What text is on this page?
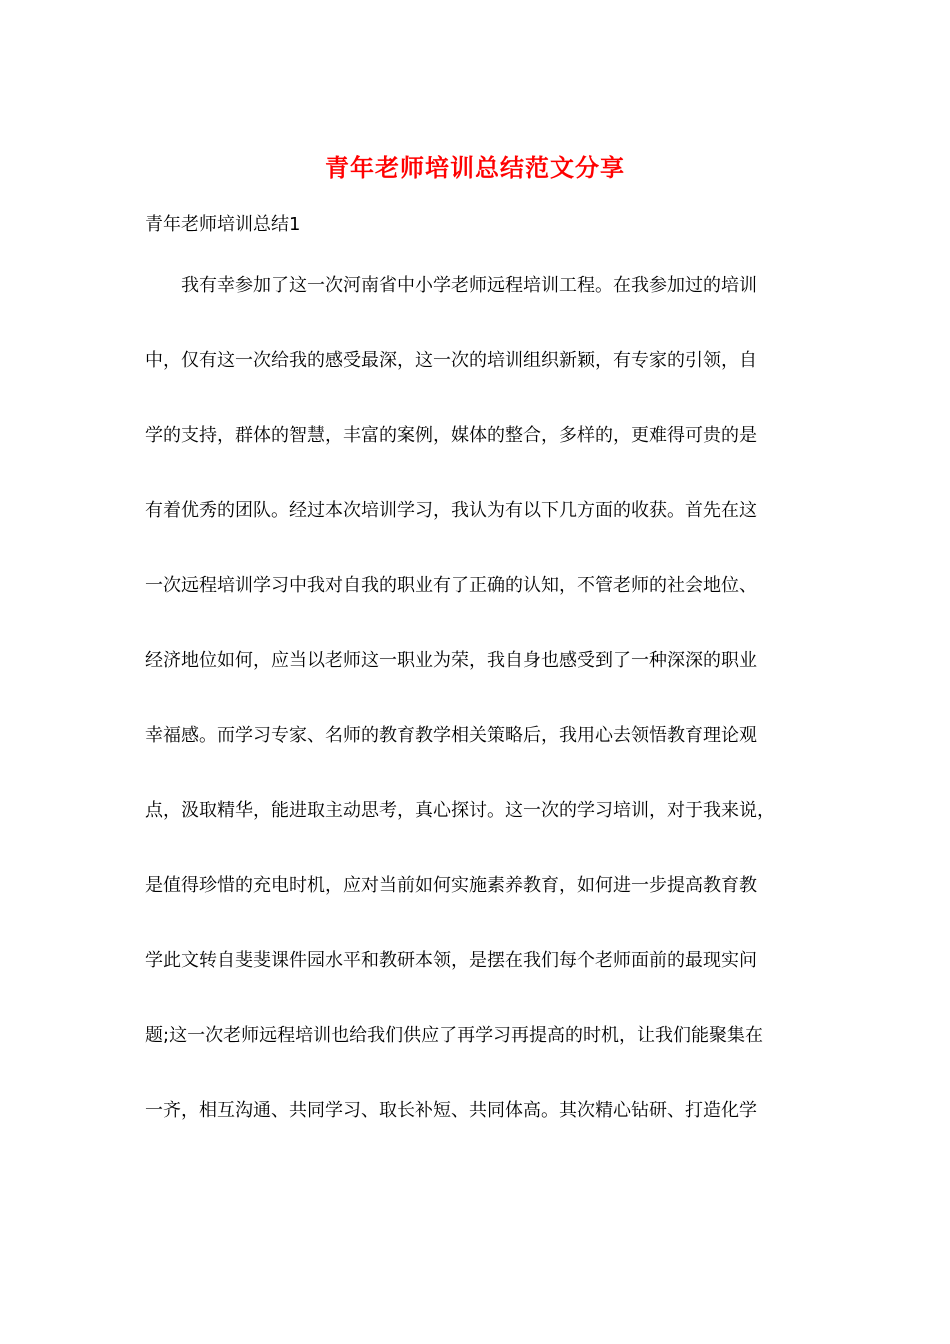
青年老师培训总结范文分享
青年老师培训总结1
我有幸参加了这一次河南省中小学老师远程培训工程。在我参加过的培训
中，仅有这一次给我的感受最深，这一次的培训组织新颖，有专家的引领，自
学的支持，群体的智慧，丰富的案例，媒体的整合，多样的，更难得可贵的是
有着优秀的团队。经过本次培训学习，我认为有以下几方面的收获。首先在这
一次远程培训学习中我对自我的职业有了正确的认知，不管老师的社会地位、
经济地位如何，应当以老师这一职业为荣，我自身也感受到了一种深深的职业
幸福感。而学习专家、名师的教育教学相关策略后，我用心去领悟教育理论观
点，汲取精华，能进取主动思考，真心探讨。这一次的学习培训，对于我来说，
是值得珍惜的充电时机，应对当前如何实施素养教育，如何进一步提高教育教
学此文转自斐斐课件园水平和教研本领，是摆在我们每个老师面前的最现实问
题;这一次老师远程培训也给我们供应了再学习再提高的时机，让我们能聚集在
一齐，相互沟通、共同学习、取长补短、共同体高。其次精心钻研、打造化学
